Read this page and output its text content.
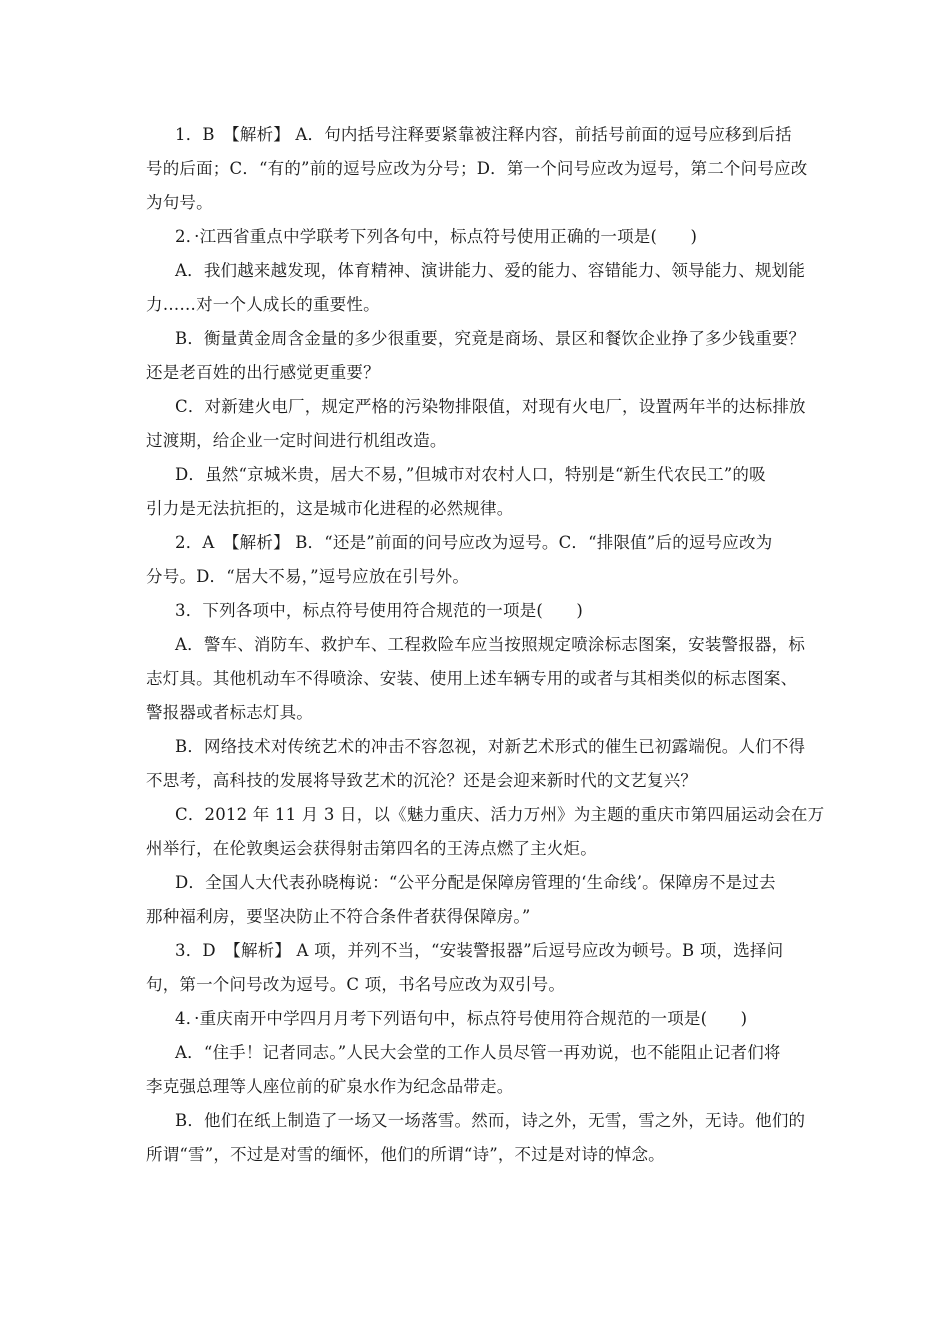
1．B　【解析】 A．句内括号注释要紧靠被注释内容，前括号前面的逗号应移到后括
号的后面；C．“有的”前的逗号应改为分号；D．第一个问号应改为逗号，第二个问号应改
为句号。
2．·江西省重点中学联考下列各句中，标点符号使用正确的一项是(　　)
A．我们越来越发现，体育精神、演讲能力、爱的能力、容错能力、领导能力、规划能
力……对一个人成长的重要性。
B．衡量黄金周含金量的多少很重要，究竟是商场、景区和餐饮企业挣了多少钱重要？
还是老百姓的出行感觉更重要？
C．对新建火电厂，规定严格的污染物排限值，对现有火电厂，设置两年半的达标排放
过渡期，给企业一定时间进行机组改造。
D．虽然“京城米贵，居大不易，”但城市对农村人口，特别是“新生代农民工”的吸
引力是无法抗拒的，这是城市化进程的必然规律。
2．A　【解析】 B．“还是”前面的问号应改为逗号。C．“排限值”后的逗号应改为
分号。D．“居大不易，”逗号应放在引号外。
3．下列各项中，标点符号使用符合规范的一项是(　　)
A．警车、消防车、救护车、工程救险车应当按照规定喷涂标志图案，安装警报器，标
志灯具。其他机动车不得喷涂、安装、使用上述车辆专用的或者与其相类似的标志图案、
警报器或者标志灯具。
B．网络技术对传统艺术的冲击不容忽视，对新艺术形式的催生已初露端倪。人们不得
不思考，高科技的发展将导致艺术的沉沦？还是会迎来新时代的文艺复兴？
C．2012 年 11 月 3 日，以《魅力重庆、活力万州》为主题的重庆市第四届运动会在万
州举行，在伦敦奥运会获得射击第四名的王涛点燃了主火炬。
D．全国人大代表孙晓梅说：“公平分配是保障房管理的‘生命线’。保障房不是过去
那种福利房，要坚决防止不符合条件者获得保障房。”
3．D　【解析】 A 项，并列不当，“安装警报器”后逗号应改为顿号。B 项，选择问
句，第一个问号改为逗号。C 项，书名号应改为双引号。
4．·重庆南开中学四月月考下列语句中，标点符号使用符合规范的一项是(　　)
A．“住手！记者同志。”人民大会堂的工作人员尽管一再劝说，也不能阻止记者们将
李克强总理等人座位前的矿泉水作为纪念品带走。
B．他们在纸上制造了一场又一场落雪。然而，诗之外，无雪，雪之外，无诗。他们的
所谓“雪”，不过是对雪的缅怀，他们的所谓“诗”，不过是对诗的悼念。
